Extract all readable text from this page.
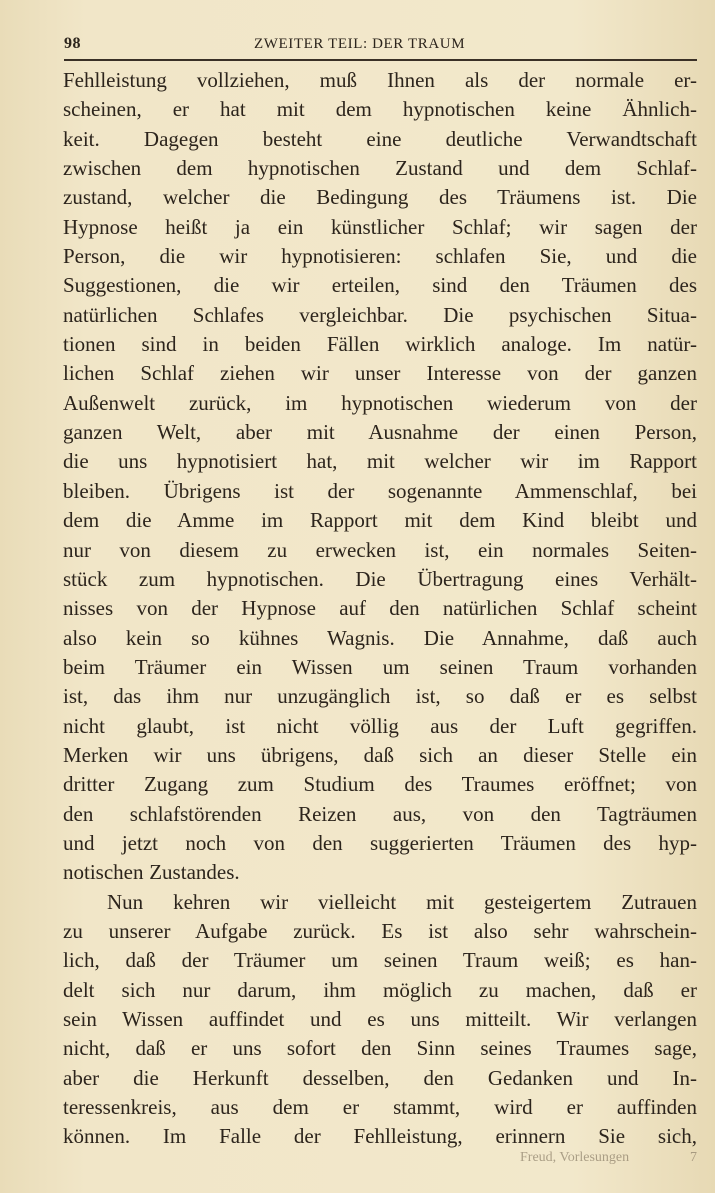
98	ZWEITER TEIL: DER TRAUM
Fehlleistung vollziehen, muß Ihnen als der normale er-
scheinen, er hat mit dem hypnotischen keine Ähnlich-
keit. Dagegen besteht eine deutliche Verwandtschaft
zwischen dem hypnotischen Zustand und dem Schlaf-
zustand, welcher die Bedingung des Träumens ist. Die
Hypnose heißt ja ein künstlicher Schlaf; wir sagen der
Person, die wir hypnotisieren: schlafen Sie, und die
Suggestionen, die wir erteilen, sind den Träumen des
natürlichen Schlafes vergleichbar. Die psychischen Situa-
tionen sind in beiden Fällen wirklich analoge. Im natür-
lichen Schlaf ziehen wir unser Interesse von der ganzen
Außenwelt zurück, im hypnotischen wiederum von der
ganzen Welt, aber mit Ausnahme der einen Person,
die uns hypnotisiert hat, mit welcher wir im Rapport
bleiben. Übrigens ist der sogenannte Ammenschlaf, bei
dem die Amme im Rapport mit dem Kind bleibt und
nur von diesem zu erwecken ist, ein normales Seiten-
stück zum hypnotischen. Die Übertragung eines Verhält-
nisses von der Hypnose auf den natürlichen Schlaf scheint
also kein so kühnes Wagnis. Die Annahme, daß auch
beim Träumer ein Wissen um seinen Traum vorhanden
ist, das ihm nur unzugänglich ist, so daß er es selbst
nicht glaubt, ist nicht völlig aus der Luft gegriffen.
Merken wir uns übrigens, daß sich an dieser Stelle ein
dritter Zugang zum Studium des Traumes eröffnet; von
den schlafstörenden Reizen aus, von den Tagträumen
und jetzt noch von den suggerierten Träumen des hyp-
notischen Zustandes.
Nun kehren wir vielleicht mit gesteigertem Zutrauen
zu unserer Aufgabe zurück. Es ist also sehr wahrschein-
lich, daß der Träumer um seinen Traum weiß; es han-
delt sich nur darum, ihm möglich zu machen, daß er
sein Wissen auffindet und es uns mitteilt. Wir verlangen
nicht, daß er uns sofort den Sinn seines Traumes sage,
aber die Herkunft desselben, den Gedanken und In-
teressenkreis, aus dem er stammt, wird er auffinden
können. Im Falle der Fehlleistung, erinnern Sie sich,
Freud, Vorlesungen	7
